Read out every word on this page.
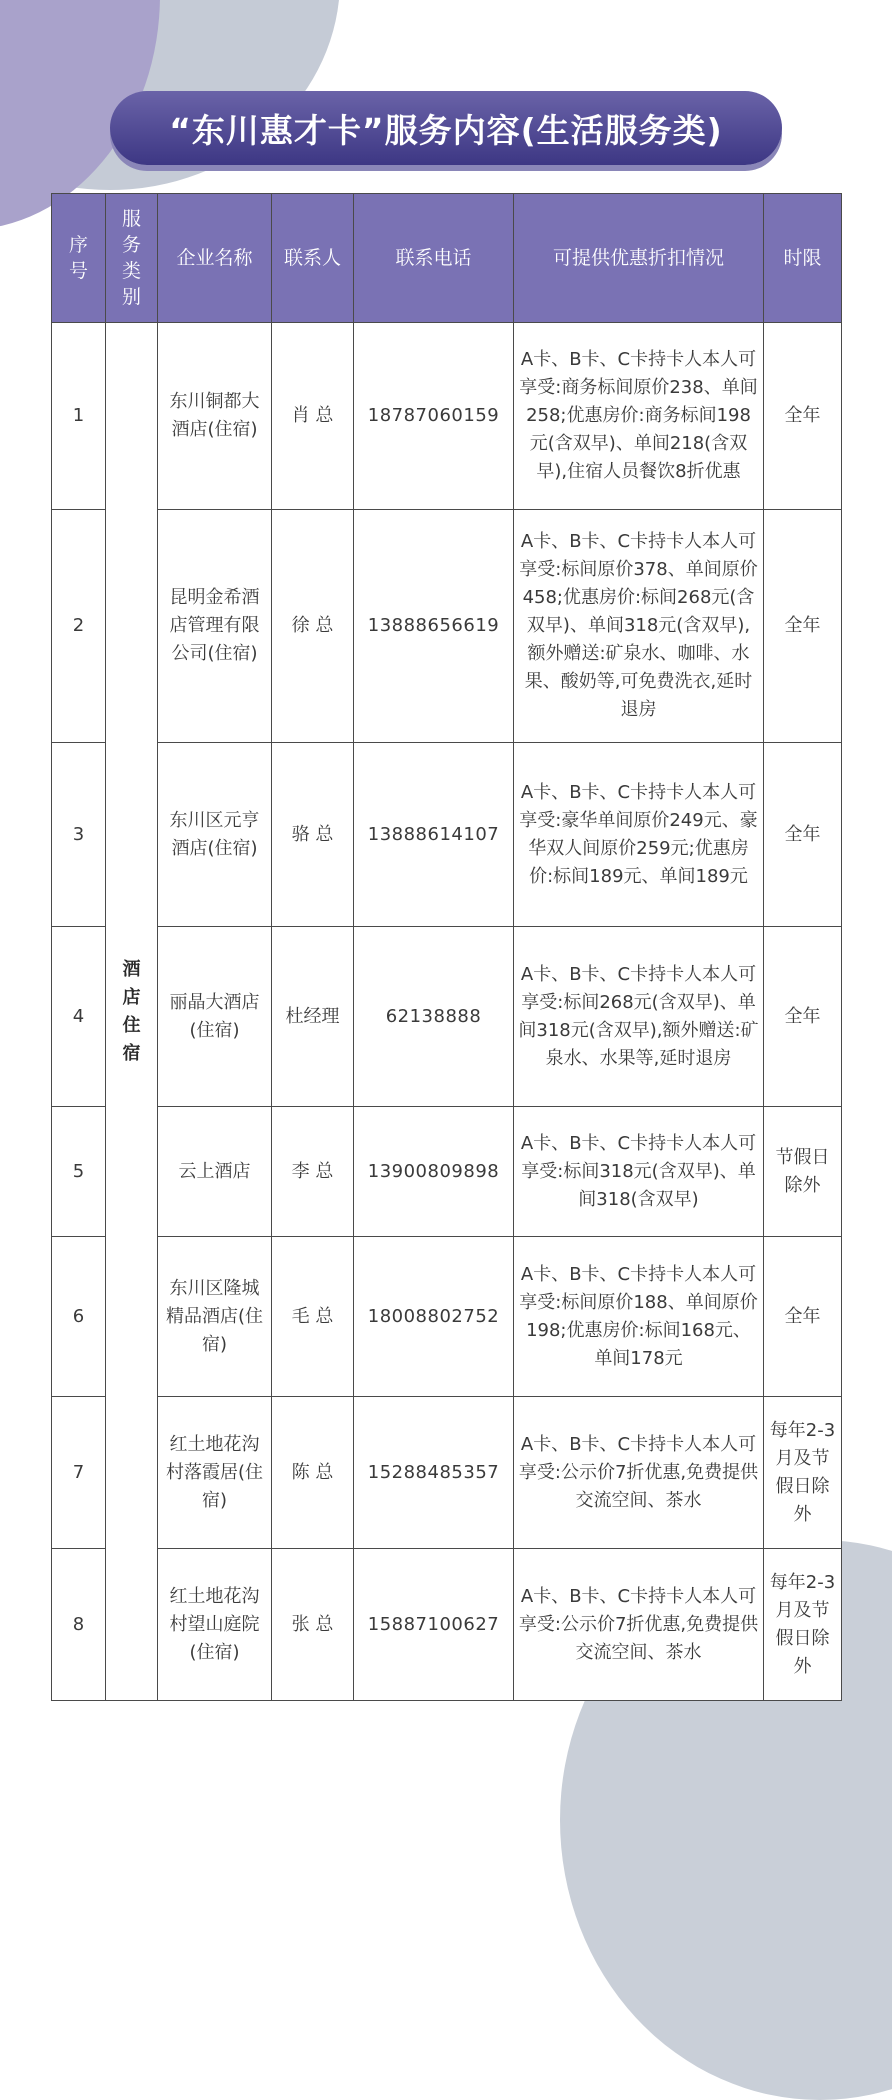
“东川惠才卡”服务内容(生活服务类)
序号	服务类别	企业名称	联系人	联系电话	可提供优惠折扣情况	时限
1	酒店住宿	东川铜都大酒店(住宿)	肖 总	18787060159	A卡、B卡、C卡持卡人本人可享受:商务标间原价238、单间258;优惠房价:商务标间198元(含双早)、单间218(含双早),住宿人员餐饮8折优惠	全年
2		昆明金希酒店管理有限公司(住宿)	徐 总	13888656619	A卡、B卡、C卡持卡人本人可享受:标间原价378、单间原价458;优惠房价:标间268元(含双早)、单间318元(含双早),额外赠送:矿泉水、咖啡、水果、酸奶等,可免费洗衣,延时退房	全年
3		东川区元亨酒店(住宿)	骆 总	13888614107	A卡、B卡、C卡持卡人本人可享受:豪华单间原价249元、豪华双人间原价259元;优惠房价:标间189元、单间189元	全年
4		丽晶大酒店(住宿)	杜经理	62138888	A卡、B卡、C卡持卡人本人可享受:标间268元(含双早)、单间318元(含双早),额外赠送:矿泉水、水果等,延时退房	全年
5		云上酒店	李 总	13900809898	A卡、B卡、C卡持卡人本人可享受:标间318元(含双早)、单间318(含双早)	节假日除外
6		东川区隆城精品酒店(住宿)	毛 总	18008802752	A卡、B卡、C卡持卡人本人可享受:标间原价188、单间原价198;优惠房价:标间168元、单间178元	全年
7		红土地花沟村落霞居(住宿)	陈 总	15288485357	A卡、B卡、C卡持卡人本人可享受:公示价7折优惠,免费提供交流空间、茶水	每年2-3月及节假日除外
8		红土地花沟村望山庭院(住宿)	张 总	15887100627	A卡、B卡、C卡持卡人本人可享受:公示价7折优惠,免费提供交流空间、茶水	每年2-3月及节假日除外
